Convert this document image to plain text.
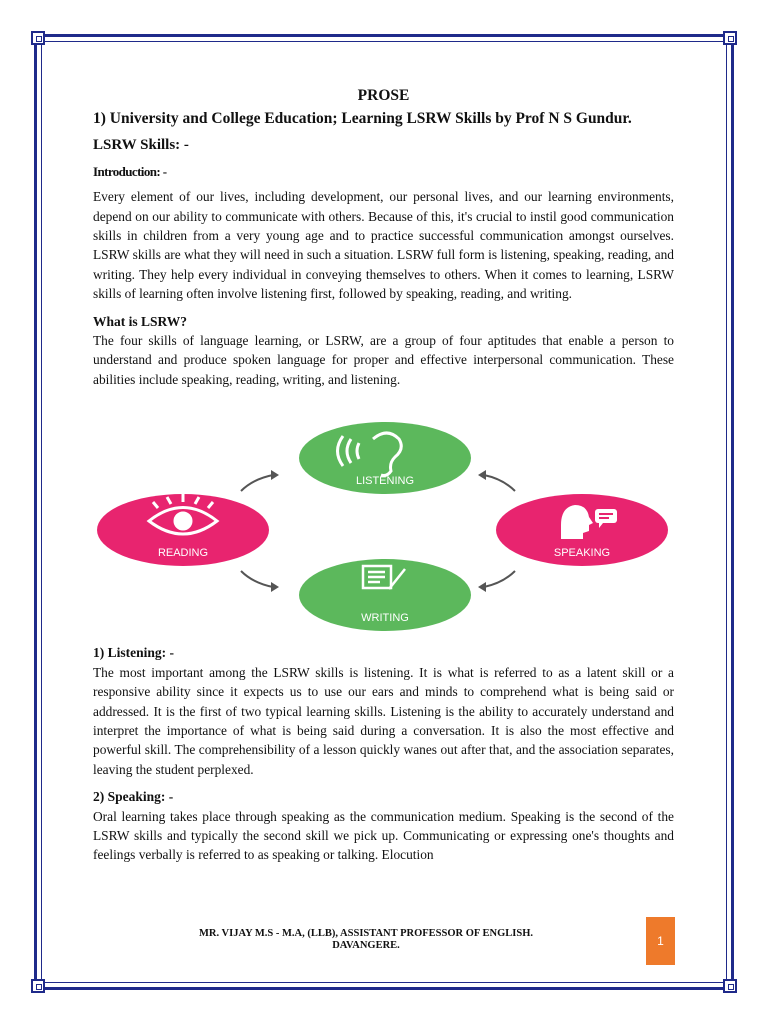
PROSE
1) University and College Education; Learning LSRW Skills by Prof N S Gundur.
LSRW Skills: -
Introduction: -

Every element of our lives, including development, our personal lives, and our learning environments, depend on our ability to communicate with others. Because of this, it's crucial to instil good communication skills in children from a very young age and to practice successful communication amongst ourselves. LSRW skills are what they will need in such a situation. LSRW full form is listening, speaking, reading, and writing. They help every individual in conveying themselves to others. When it comes to learning, LSRW skills of learning often involve listening first, followed by speaking, reading, and writing.

What is LSRW?

The four skills of language learning, or LSRW, are a group of four aptitudes that enable a person to understand and produce spoken language for proper and effective interpersonal communication. These abilities include speaking, reading, writing, and listening.

LISTENING
READING	SPEAKING
WRITING
1) Listening: -

The most important among the LSRW skills is listening. It is what is referred to as a latent skill or a responsive ability since it expects us to use our ears and minds to comprehend what is being said or addressed. It is the first of two typical learning skills. Listening is the ability to accurately understand and interpret the importance of what is being said during a conversation. It is also the most effective and powerful skill. The comprehensibility of a lesson quickly wanes out after that, and the association separates, leaving the student perplexed.

2) Speaking: -

Oral learning takes place through speaking as the communication medium. Speaking is the second of the LSRW skills and typically the second skill we pick up. Communicating or expressing one's thoughts and feelings verbally is referred to as speaking or talking. Elocution

MR. VIJAY M.S - M.A, (LLB), ASSISTANT PROFESSOR OF ENGLISH.
DAVANGERE.	1
